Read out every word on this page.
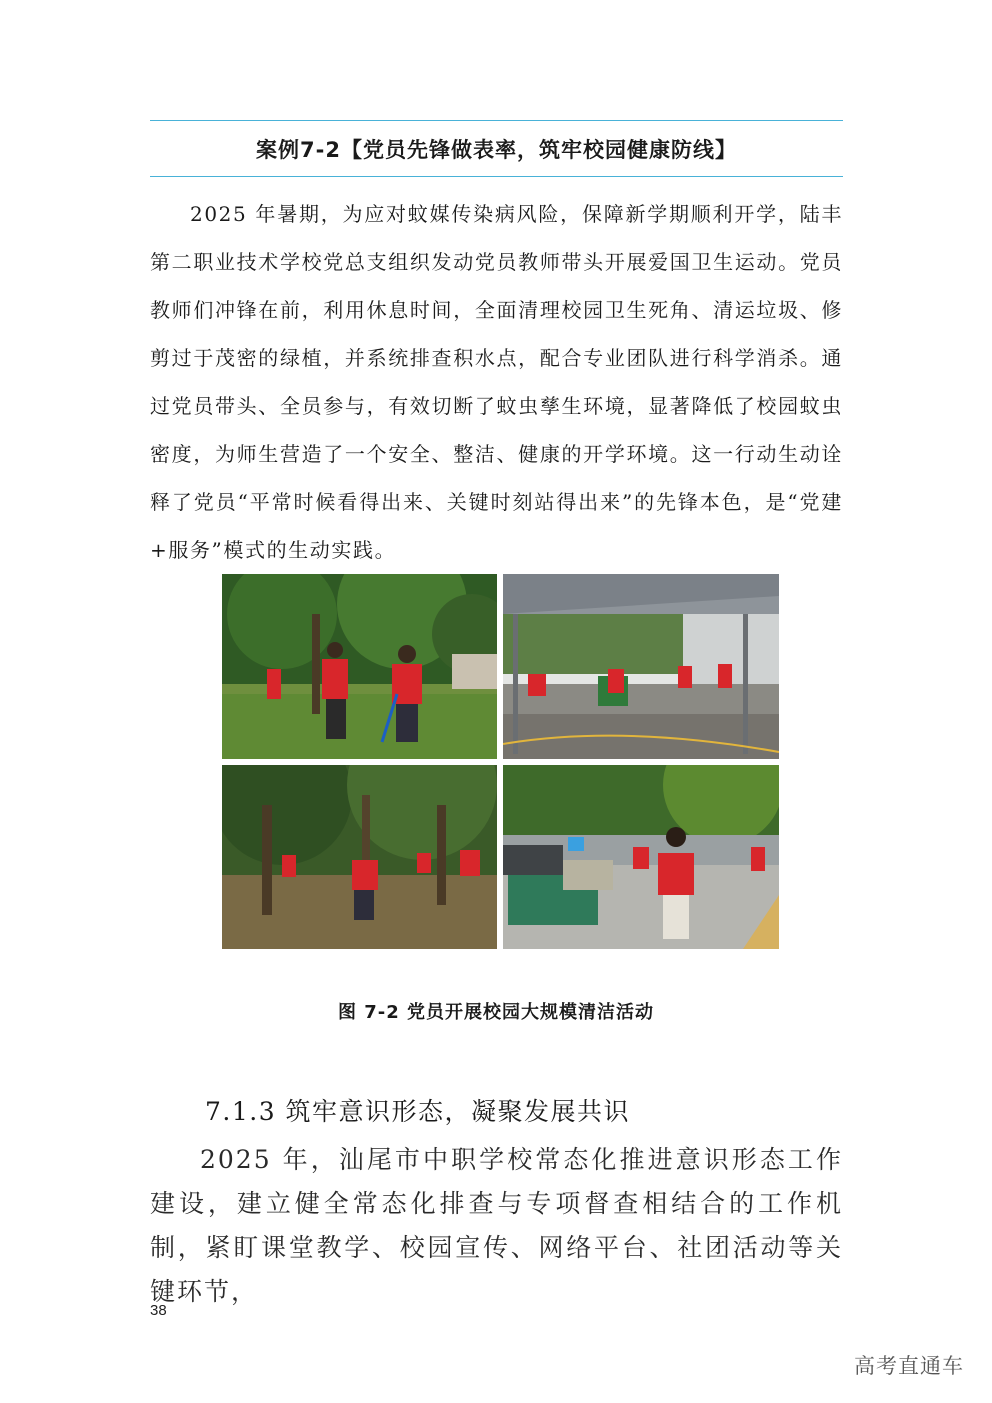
案例7-2【党员先锋做表率，筑牢校园健康防线】

2025 年暑期，为应对蚊媒传染病风险，保障新学期顺利开学，陆丰第二职业技术学校党总支组织发动党员教师带头开展爱国卫生运动。党员教师们冲锋在前，利用休息时间，全面清理校园卫生死角、清运垃圾、修剪过于茂密的绿植，并系统排查积水点，配合专业团队进行科学消杀。通过党员带头、全员参与，有效切断了蚊虫孳生环境，显著降低了校园蚊虫密度，为师生营造了一个安全、整洁、健康的开学环境。这一行动生动诠释了党员“平常时候看得出来、关键时刻站得出来”的先锋本色，是“党建+服务”模式的生动实践。

图 7-2 党员开展校园大规模清洁活动
7.1.3 筑牢意识形态，凝聚发展共识

2025 年，汕尾市中职学校常态化推进意识形态工作建设，建立健全常态化排查与专项督查相结合的工作机制，紧盯课堂教学、校园宣传、网络平台、社团活动等关键环节，

38
高考直通车
